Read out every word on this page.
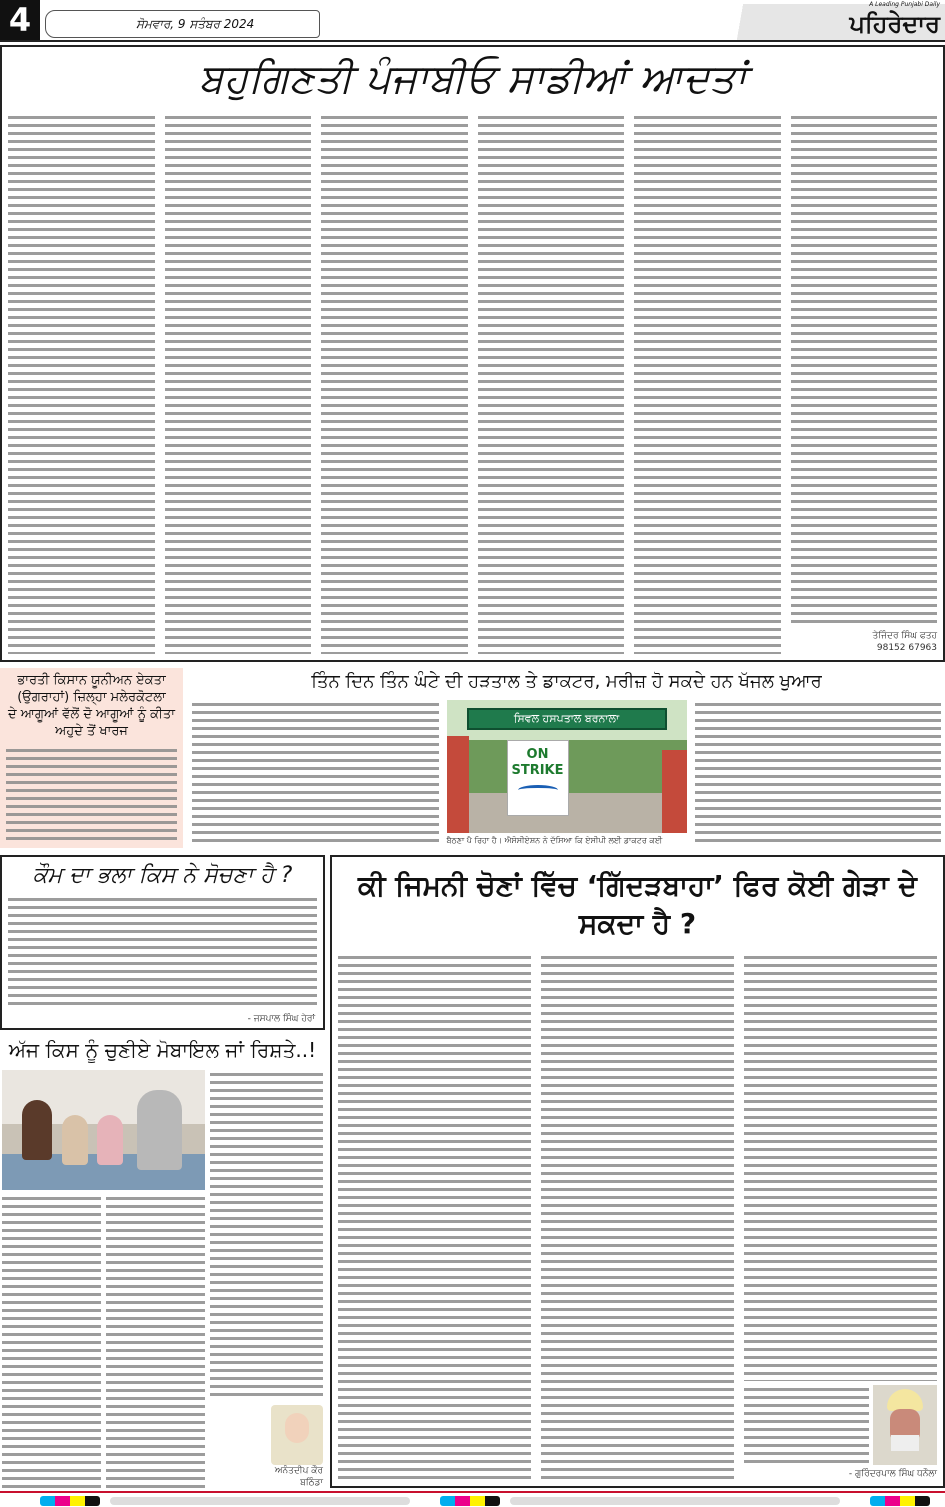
4	ਸੋਮਵਾਰ, 9 ਸਤੰਬਰ 2024
A Leading Punjabi Daily
ਪਹਿਰੇਦਾਰ
ਬਹੁਗਿਣਤੀ ਪੰਜਾਬੀਓ ਸਾਡੀਆਂ ਆਦਤਾਂ
ਤੇਜਿੰਦਰ ਸਿੰਘ ਫਤਹ
98152 67963
ਭਾਰਤੀ ਕਿਸਾਨ ਯੂਨੀਅਨ ਏਕਤਾ (ਉਗਰਾਹਾਂ) ਜ਼ਿਲ੍ਹਾ ਮਲੇਰਕੋਟਲਾ
ਦੇ ਆਗੂਆਂ ਵੱਲੋਂ ਦੋ ਆਗੂਆਂ ਨੂੰ ਕੀਤਾ ਅਹੁਦੇ ਤੋਂ ਖਾਰਜ
ਤਿੰਨ ਦਿਨ ਤਿੰਨ ਘੰਟੇ ਦੀ ਹੜਤਾਲ ਤੇ ਡਾਕਟਰ, ਮਰੀਜ਼ ਹੋ ਸਕਦੇ ਹਨ ਖੱਜਲ ਖੁਆਰ
ਸਿਵਲ ਹਸਪਤਾਲ ਬਰਨਾਲਾ
ON
STRIKE
ਬੈਠਣਾ ਪੈ ਰਿਹਾ ਹੈ। ਐਸੋਸੀਏਸ਼ਨ ਨੇ ਦੱਸਿਆ ਕਿ ਏਸੀਪੀ ਲਈ ਡਾਕਟਰ ਕਈ
ਕੌਮ ਦਾ ਭਲਾ ਕਿਸ ਨੇ ਸੋਚਣਾ ਹੈ ?
- ਜਸਪਾਲ ਸਿੰਘ ਹੇਰਾਂ
ਅੱਜ ਕਿਸ ਨੂੰ ਚੁਣੀਏ ਮੋਬਾਇਲ ਜਾਂ ਰਿਸ਼ਤੇ..!
ਅਨੰਤਦੀਪ ਕੌਰ
ਬਠਿੰਡਾ
ਕੀ ਜਿਮਨੀ ਚੋਣਾਂ ਵਿੱਚ ‘ਗਿੱਦੜਬਾਹਾ’ ਫਿਰ ਕੋਈ ਗੇੜਾ ਦੇ ਸਕਦਾ ਹੈ ?
- ਗੁਰਿੰਦਰਪਾਲ ਸਿੰਘ ਧਨੌਲਾ
